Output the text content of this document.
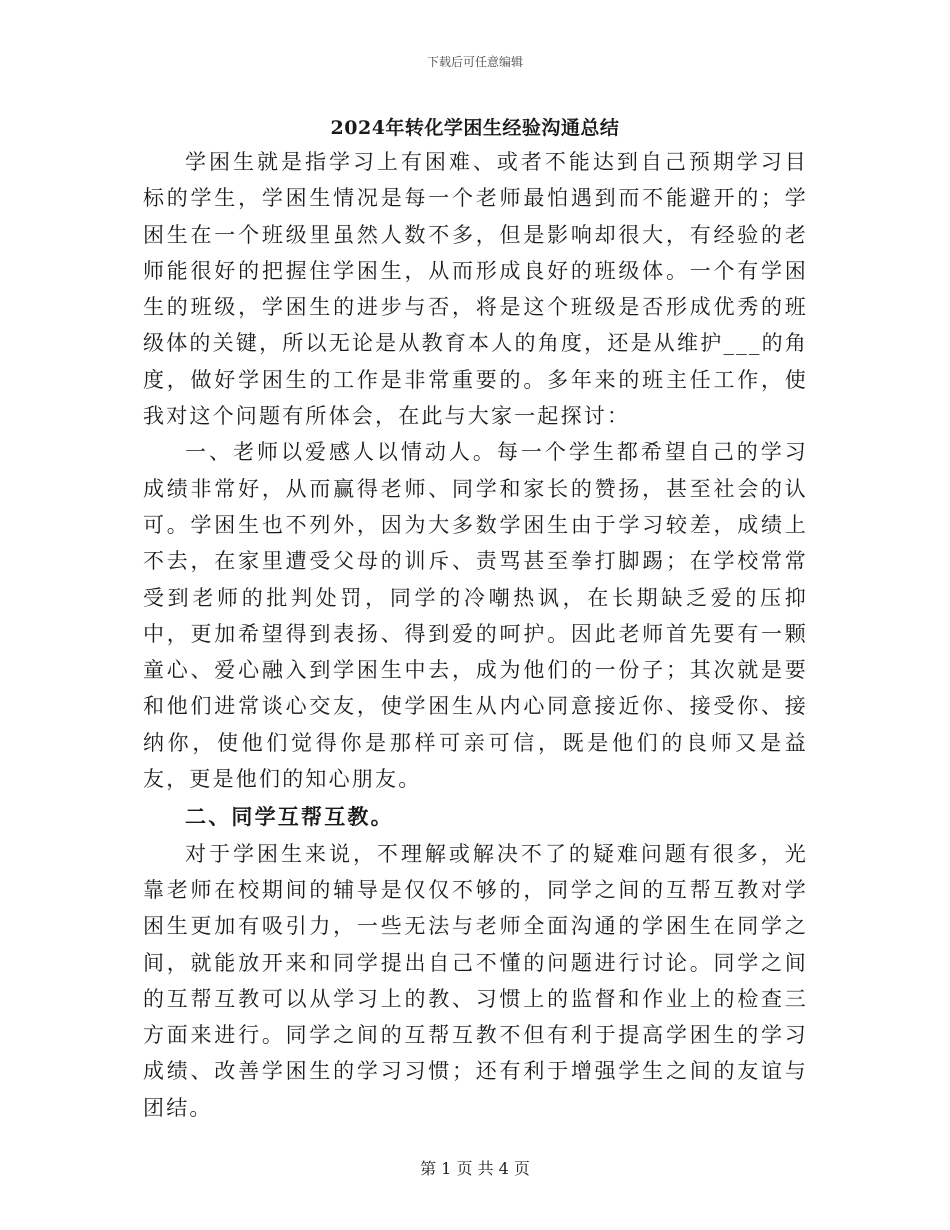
下载后可任意编辑
2024年转化学困生经验沟通总结

学困生就是指学习上有困难、或者不能达到自己预期学习目标的学生，学困生情况是每一个老师最怕遇到而不能避开的；学困生在一个班级里虽然人数不多，但是影响却很大，有经验的老师能很好的把握住学困生，从而形成良好的班级体。一个有学困生的班级，学困生的进步与否，将是这个班级是否形成优秀的班级体的关键，所以无论是从教育本人的角度，还是从维护___的角度，做好学困生的工作是非常重要的。多年来的班主任工作，使我对这个问题有所体会，在此与大家一起探讨：

一、老师以爱感人以情动人。每一个学生都希望自己的学习成绩非常好，从而赢得老师、同学和家长的赞扬，甚至社会的认可。学困生也不列外，因为大多数学困生由于学习较差，成绩上不去，在家里遭受父母的训斥、责骂甚至拳打脚踢；在学校常常受到老师的批判处罚，同学的冷嘲热讽，在长期缺乏爱的压抑中，更加希望得到表扬、得到爱的呵护。因此老师首先要有一颗童心、爱心融入到学困生中去，成为他们的一份子；其次就是要和他们进常谈心交友，使学困生从内心同意接近你、接受你、接纳你，使他们觉得你是那样可亲可信，既是他们的良师又是益友，更是他们的知心朋友。

二、同学互帮互教。

对于学困生来说，不理解或解决不了的疑难问题有很多，光靠老师在校期间的辅导是仅仅不够的，同学之间的互帮互教对学困生更加有吸引力，一些无法与老师全面沟通的学困生在同学之间，就能放开来和同学提出自己不懂的问题进行讨论。同学之间的互帮互教可以从学习上的教、习惯上的监督和作业上的检查三方面来进行。同学之间的互帮互教不但有利于提高学困生的学习成绩、改善学困生的学习习惯；还有利于增强学生之间的友谊与团结。

第 1 页 共 4 页
